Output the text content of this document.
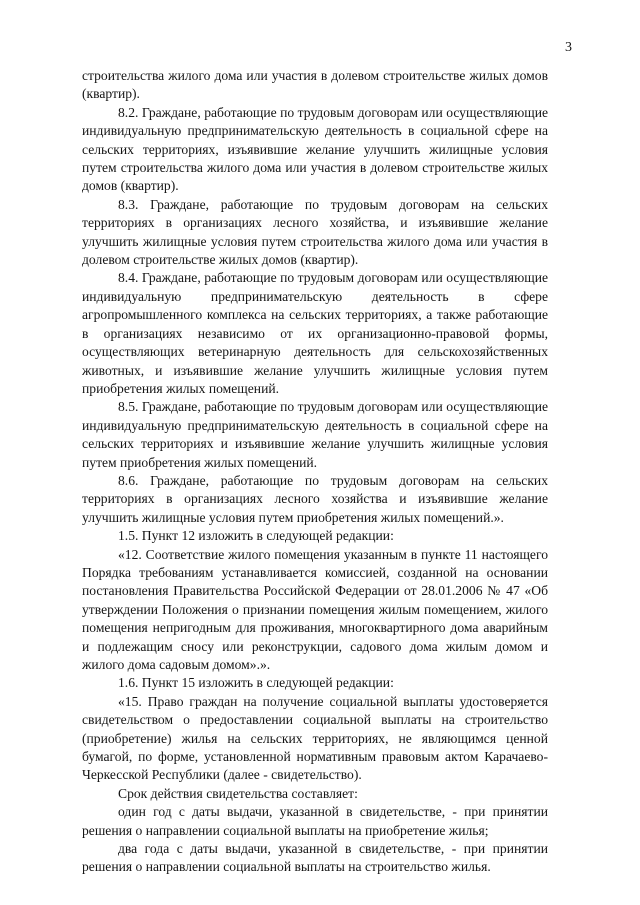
3

строительства жилого дома или участия в долевом строительстве жилых домов (квартир).

8.2. Граждане, работающие по трудовым договорам или осуществляющие индивидуальную предпринимательскую деятельность в социальной сфере на сельских территориях, изъявившие желание улучшить жилищные условия путем строительства жилого дома или участия в долевом строительстве жилых домов (квартир).

8.3. Граждане, работающие по трудовым договорам на сельских территориях в организациях лесного хозяйства, и изъявившие желание улучшить жилищные условия путем строительства жилого дома или участия в долевом строительстве жилых домов (квартир).

8.4. Граждане, работающие по трудовым договорам или осуществляющие индивидуальную предпринимательскую деятельность в сфере агропромышленного комплекса на сельских территориях, а также работающие в организациях независимо от их организационно-правовой формы, осуществляющих ветеринарную деятельность для сельскохозяйственных животных, и изъявившие желание улучшить жилищные условия путем приобретения жилых помещений.

8.5. Граждане, работающие по трудовым договорам или осуществляющие индивидуальную предпринимательскую деятельность в социальной сфере на сельских территориях и изъявившие желание улучшить жилищные условия путем приобретения жилых помещений.

8.6. Граждане, работающие по трудовым договорам на сельских территориях в организациях лесного хозяйства и изъявившие желание улучшить жилищные условия путем приобретения жилых помещений.».

1.5. Пункт 12 изложить в следующей редакции:

«12. Соответствие жилого помещения указанным в пункте 11 настоящего Порядка требованиям устанавливается комиссией, созданной на основании постановления Правительства Российской Федерации от 28.01.2006 № 47 «Об утверждении Положения о признании помещения жилым помещением, жилого помещения непригодным для проживания, многоквартирного дома аварийным и подлежащим сносу или реконструкции, садового дома жилым домом и жилого дома садовым домом».».

1.6. Пункт 15 изложить в следующей редакции:

«15. Право граждан на получение социальной выплаты удостоверяется свидетельством о предоставлении социальной выплаты на строительство (приобретение) жилья на сельских территориях, не являющимся ценной бумагой, по форме, установленной нормативным правовым актом Карачаево-Черкесской Республики (далее - свидетельство).

Срок действия свидетельства составляет:

один год с даты выдачи, указанной в свидетельстве, - при принятии решения о направлении социальной выплаты на приобретение жилья;

два года с даты выдачи, указанной в свидетельстве, - при принятии решения о направлении социальной выплаты на строительство жилья.
